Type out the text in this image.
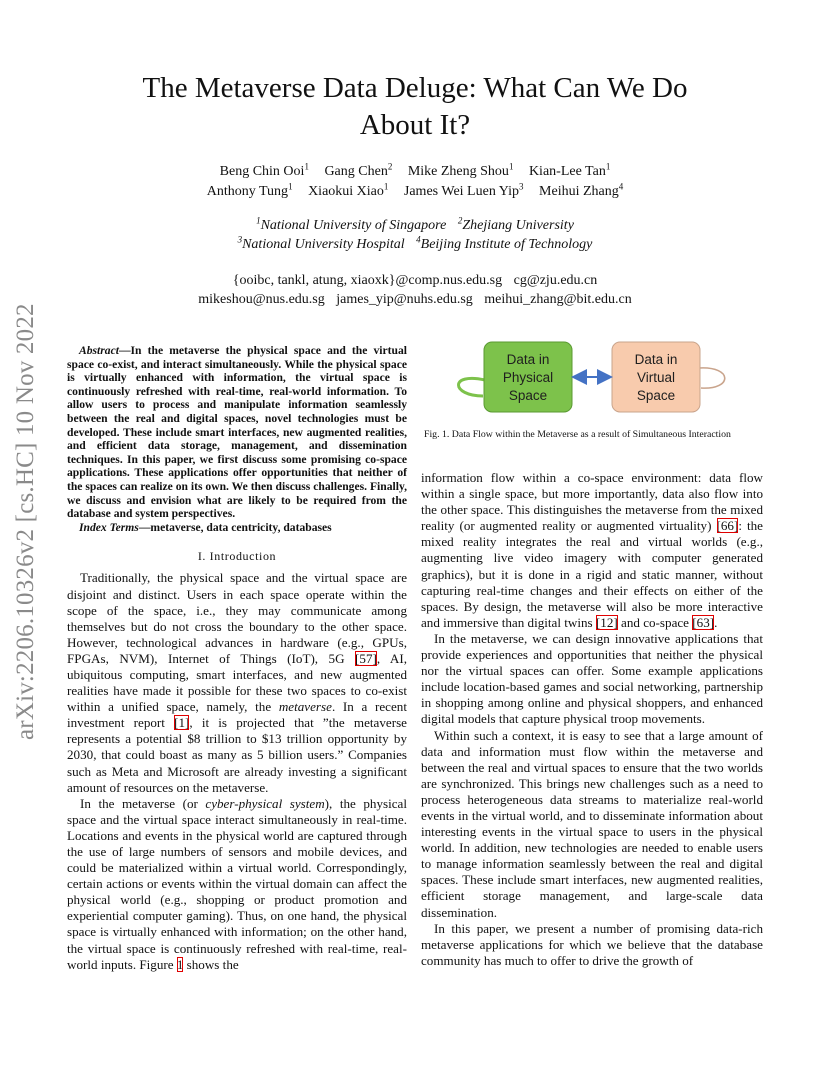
arXiv:2206.10326v2 [cs.HC] 10 Nov 2022
The Metaverse Data Deluge: What Can We Do
About It?
Beng Chin Ooi$^1$ Gang Chen$^2$ Mike Zheng Shou$^1$ Kian-Lee Tan$^1$
Anthony Tung$^1$ Xiaokui Xiao$^1$ James Wei Luen Yip$^3$ Meihui Zhang$^4$
$^1$National University of Singapore $^2$Zhejiang University
$^3$National University Hospital $^4$Beijing Institute of Technology
{ooibc, tankl, atung, xiaoxk}@comp.nus.edu.sg cg@zju.edu.cn
mikeshou@nus.edu.sg james_yip@nuhs.edu.sg meihui_zhang@bit.edu.cn

Abstract—In the metaverse the physical space and the virtual space co-exist, and interact simultaneously. While the physical space is virtually enhanced with information, the virtual space is continuously refreshed with real-time, real-world information. To allow users to process and manipulate information seamlessly between the real and digital spaces, novel technologies must be developed. These include smart interfaces, new augmented realities, and efficient data storage, management, and dissemination techniques. In this paper, we first discuss some promising co-space applications. These applications offer opportunities that neither of the spaces can realize on its own. We then discuss challenges. Finally, we discuss and envision what are likely to be required from the database and system perspectives.

Index Terms—metaverse, data centricity, databases

I. Introduction

Traditionally, the physical space and the virtual space are disjoint and distinct. Users in each space operate within the scope of the space, i.e., they may communicate among themselves but do not cross the boundary to the other space. However, technological advances in hardware (e.g., GPUs, FPGAs, NVM), Internet of Things (IoT), 5G [57], AI, ubiquitous computing, smart interfaces, and new augmented realities have made it possible for these two spaces to co-exist within a unified space, namely, the metaverse. In a recent investment report [1], it is projected that ”the metaverse represents a potential $8 trillion to $13 trillion opportunity by 2030, that could boast as many as 5 billion users.” Companies such as Meta and Microsoft are already investing a significant amount of resources on the metaverse.

In the metaverse (or cyber-physical system), the physical space and the virtual space interact simultaneously in real-time. Locations and events in the physical world are captured through the use of large numbers of sensors and mobile devices, and could be materialized within a virtual world. Correspondingly, certain actions or events within the virtual domain can affect the physical world (e.g., shopping or product promotion and experiential computer gaming). Thus, on one hand, the physical space is virtually enhanced with information; on the other hand, the virtual space is continuously refreshed with real-time, real-world inputs. Figure 1 shows the

Data in
Physical
Space
Data in
Virtual
Space
Fig. 1. Data Flow within the Metaverse as a result of Simultaneous Interaction

information flow within a co-space environment: data flow within a single space, but more importantly, data also flow into the other space. This distinguishes the metaverse from the mixed reality (or augmented reality or augmented virtuality) [66]: the mixed reality integrates the real and virtual worlds (e.g., augmenting live video imagery with computer generated graphics), but it is done in a rigid and static manner, without capturing real-time changes and their effects on either of the spaces. By design, the metaverse will also be more interactive and immersive than digital twins [12] and co-space [63].

In the metaverse, we can design innovative applications that provide experiences and opportunities that neither the physical nor the virtual spaces can offer. Some example applications include location-based games and social networking, partnership in shopping among online and physical shoppers, and enhanced digital models that capture physical troop movements.

Within such a context, it is easy to see that a large amount of data and information must flow within the metaverse and between the real and virtual spaces to ensure that the two worlds are synchronized. This brings new challenges such as a need to process heterogeneous data streams to materialize real-world events in the virtual world, and to disseminate information about interesting events in the virtual space to users in the physical world. In addition, new technologies are needed to enable users to manage information seamlessly between the real and digital spaces. These include smart interfaces, new augmented realities, efficient storage management, and large-scale data dissemination.

In this paper, we present a number of promising data-rich metaverse applications for which we believe that the database community has much to offer to drive the growth of
